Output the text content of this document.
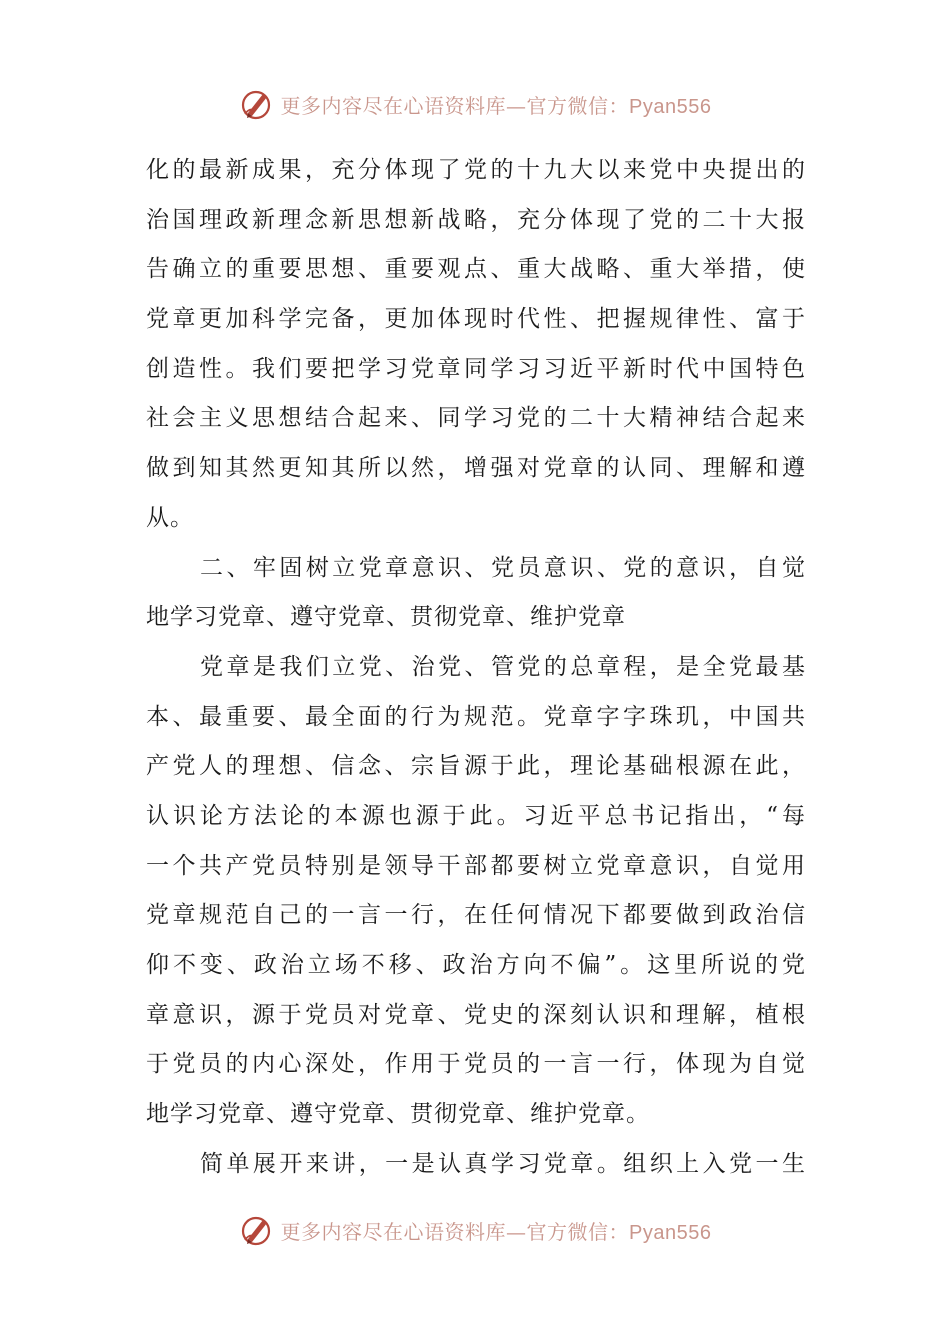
更多内容尽在心语资料库—官方微信：Pyan556
化的最新成果，充分体现了党的十九大以来党中央提出的
治国理政新理念新思想新战略，充分体现了党的二十大报
告确立的重要思想、重要观点、重大战略、重大举措，使
党章更加科学完备，更加体现时代性、把握规律性、富于
创造性。我们要把学习党章同学习习近平新时代中国特色
社会主义思想结合起来、同学习党的二十大精神结合起来
做到知其然更知其所以然，增强对党章的认同、理解和遵
从。
二、牢固树立党章意识、党员意识、党的意识，自觉
地学习党章、遵守党章、贯彻党章、维护党章
党章是我们立党、治党、管党的总章程，是全党最基
本、最重要、最全面的行为规范。党章字字珠玑，中国共
产党人的理想、信念、宗旨源于此，理论基础根源在此，
认识论方法论的本源也源于此。习近平总书记指出，“每
一个共产党员特别是领导干部都要树立党章意识，自觉用
党章规范自己的一言一行，在任何情况下都要做到政治信
仰不变、政治立场不移、政治方向不偏”。这里所说的党
章意识，源于党员对党章、党史的深刻认识和理解，植根
于党员的内心深处，作用于党员的一言一行，体现为自觉
地学习党章、遵守党章、贯彻党章、维护党章。
简单展开来讲，一是认真学习党章。组织上入党一生
更多内容尽在心语资料库—官方微信：Pyan556
